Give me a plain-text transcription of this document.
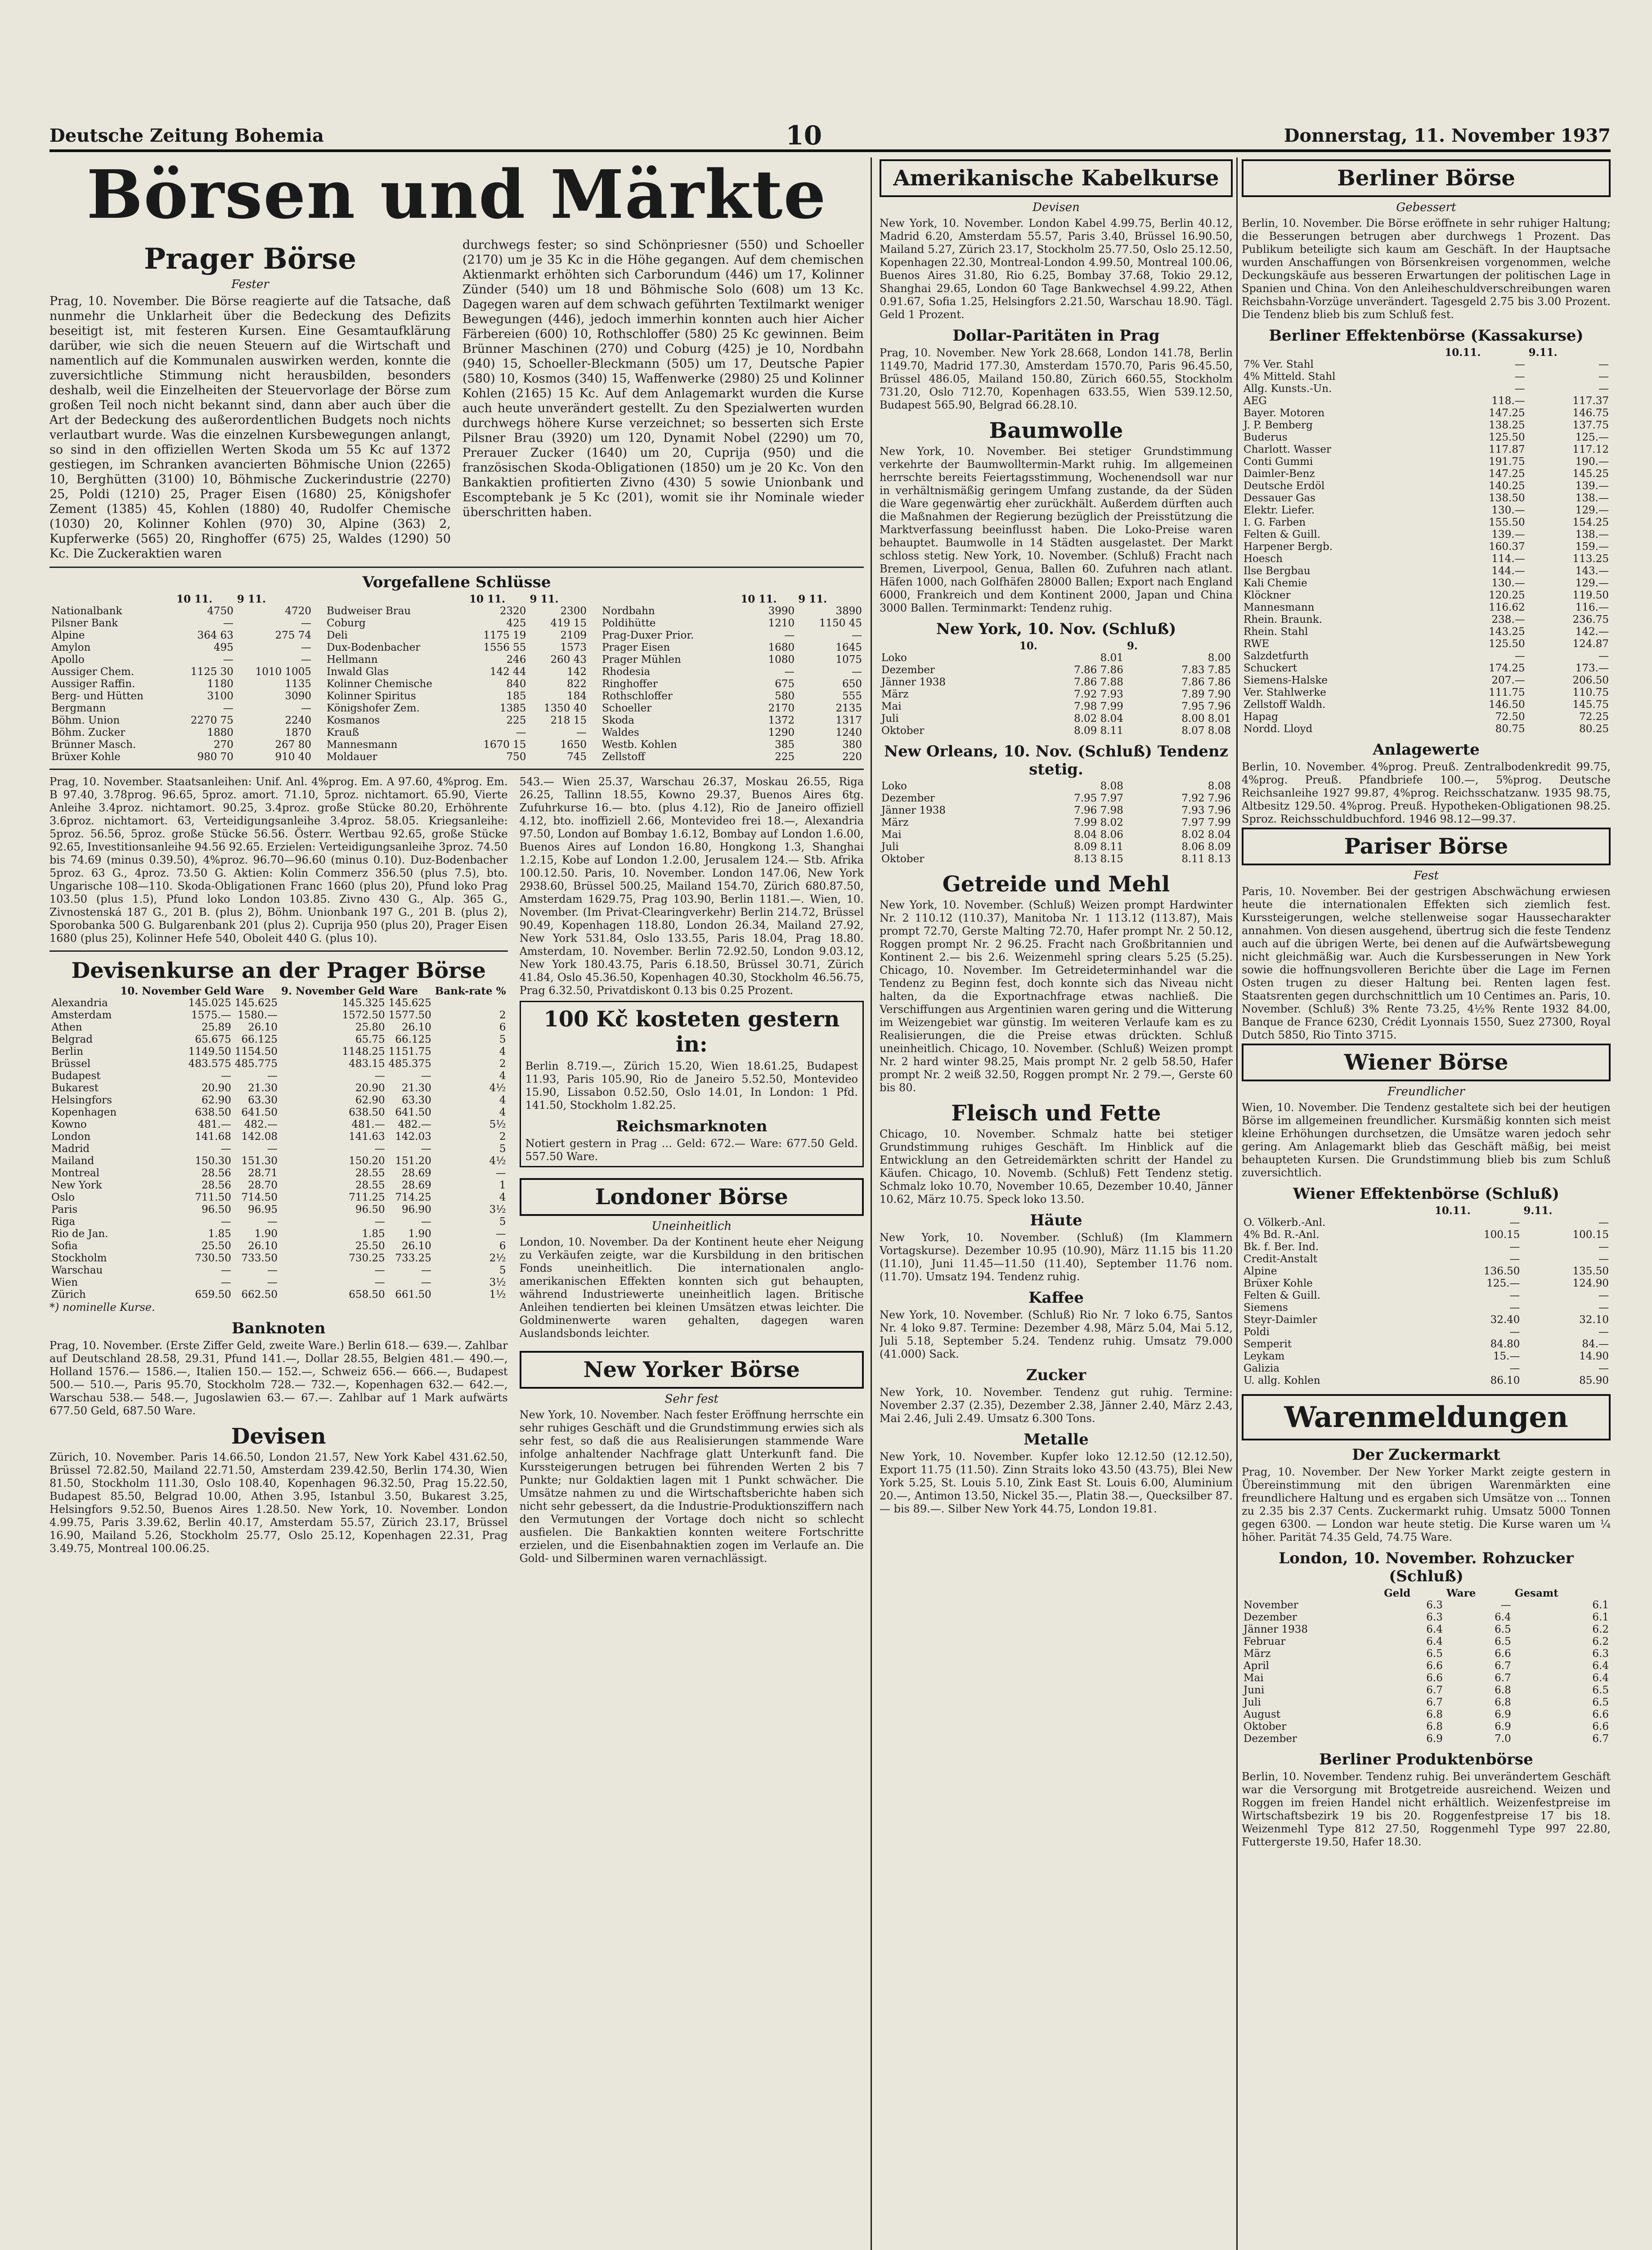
Deutsche Zeitung Bohemia	10	Donnerstag, 11. November 1937
Börsen und Märkte
Prager Börse
Fester
Prag, 10. November. Die Börse reagierte auf die Tatsache, daß nunmehr die Unklarheit über die Bedeckung des Defizits beseitigt ist, mit festeren Kursen. Eine Gesamtaufklärung darüber, wie sich die neuen Steuern auf die Wirtschaft und namentlich auf die Kommunalen auswirken werden, konnte die zuversichtliche Stimmung nicht herausbilden, besonders deshalb, weil die Einzelheiten der Steuervorlage der Börse zum großen Teil noch nicht bekannt sind, dann aber auch über die Art der Bedeckung des außerordentlichen Budgets noch nichts verlautbart wurde. Was die einzelnen Kursbewegungen anlangt, so sind in den offiziellen Werten Skoda um 55 Kc auf 1372 gestiegen, im Schranken avancierten Böhmische Union (2265) 10, Berghütten (3100) 10, Böhmische Zuckerindustrie (2270) 25, Poldi (1210) 25, Prager Eisen (1680) 25, Königshofer Zement (1385) 45, Kohlen (1880) 40, Rudolfer Chemische (1030) 20, Kolinner Kohlen (970) 30, Alpine (363) 2, Kupferwerke (565) 20, Ringhoffer (675) 25, Waldes (1290) 50 Kc. Die Zuckeraktien waren
durchwegs fester; so sind Schönpriesner (550) und Schoeller (2170) um je 35 Kc in die Höhe gegangen. Auf dem chemischen Aktienmarkt erhöhten sich Carborundum (446) um 17, Kolinner Zünder (540) um 18 und Böhmische Solo (608) um 13 Kc. Dagegen waren auf dem schwach geführten Textilmarkt weniger Bewegungen (446), jedoch immerhin konnten auch hier Aicher Färbereien (600) 10, Rothschloffer (580) 25 Kc gewinnen. Beim Brünner Maschinen (270) und Coburg (425) je 10, Nordbahn (940) 15, Schoeller-Bleckmann (505) um 17, Deutsche Papier (580) 10, Kosmos (340) 15, Waffenwerke (2980) 25 und Kolinner Kohlen (2165) 15 Kc. Auf dem Anlagemarkt wurden die Kurse auch heute unverändert gestellt. Zu den Spezialwerten wurden durchwegs höhere Kurse verzeichnet; so besserten sich Erste Pilsner Brau (3920) um 120, Dynamit Nobel (2290) um 70, Prerauer Zucker (1640) um 20, Cuprija (950) und die französischen Skoda-Obligationen (1850) um je 20 Kc. Von den Bankaktien profitierten Zivno (430) 5 sowie Unionbank und Escomptebank je 5 Kc (201), womit sie ihr Nominale wieder überschritten haben.
Vorgefallene Schlüsse
	10 11.	9 11.
Nationalbank	4750	4720
Pilsner Bank	—	—
Alpine	364 63	275 74
Amylon	495	—
Apollo	—	—
Aussiger Chem.	1125 30	1010 1005
Aussiger Raffin.	1180	1135
Berg- und Hütten	3100	3090
Bergmann	—	—
Böhm. Union	2270 75	2240
Böhm. Zucker	1880	1870
Brünner Masch.	270	267 80
Brüxer Kohle	980 70	910 40
	10 11.	9 11.
Budweiser Brau	2320	2300
Coburg	425	419 15
Deli	1175 19	2109
Dux-Bodenbacher	1556 55	1573
Hellmann	246	260 43
Inwald Glas	142 44	142
Kolinner Chemische	840	822
Kolinner Spiritus	185	184
Königshofer Zem.	1385	1350 40
Kosmanos	225	218 15
Krauß	—	—
Mannesmann	1670 15	1650
Moldauer	750	745
	10 11.	9 11.
Nordbahn	3990	3890
Poldihütte	1210	1150 45
Prag-Duxer Prior.	—	—
Prager Eisen	1680	1645
Prager Mühlen	1080	1075
Rhodesia	—	—
Ringhoffer	675	650
Rothschloffer	580	555
Schoeller	2170	2135
Skoda	1372	1317
Waldes	1290	1240
Westb. Kohlen	385	380
Zellstoff	225	220
Prag, 10. November. Staatsanleihen: Unif. Anl. 4%prog. Em. A 97.60, 4%prog. Em. B 97.40, 3.78prog. 96.65, 5proz. amort. 71.10, 5proz. nichtamort. 65.90, Vierte Anleihe 3.4proz. nichtamort. 90.25, 3.4proz. große Stücke 80.20, Erhöhrente 3.6proz. nichtamort. 63, Verteidigungsanleihe 3.4proz. 58.05. Kriegsanleihe: 5proz. 56.56, 5proz. große Stücke 56.56. Österr. Wertbau 92.65, große Stücke 92.65, Investitionsanleihe 94.56 92.65. Erzielen: Verteidigungsanleihe 3proz. 74.50 bis 74.69 (minus 0.39.50), 4%proz. 96.70—96.60 (minus 0.10). Duz-Bodenbacher 5proz. 63 G., 4proz. 73.50 G. Aktien: Kolin Commerz 356.50 (plus 7.5), bto. Ungarische 108—110. Skoda-Obligationen Franc 1660 (plus 20), Pfund loko Prag 103.50 (plus 1.5), Pfund loko London 103.85. Zivno 430 G., Alp. 365 G., Zivnostenská 187 G., 201 B. (plus 2), Böhm. Unionbank 197 G., 201 B. (plus 2), Sporobanka 500 G. Bulgarenbank 201 (plus 2). Cuprija 950 (plus 20), Prager Eisen 1680 (plus 25), Kolinner Hefe 540, Oboleit 440 G. (plus 10).
Devisenkurse an der Prager Börse
	10. November Geld	Ware	9. November Geld	Ware	Bank-rate %
Alexandria	145.025	145.625	145.325	145.625	
Amsterdam	1575.—	1580.—	1572.50	1577.50	2
Athen	25.89	26.10	25.80	26.10	6
Belgrad	65.675	66.125	65.75	66.125	5
Berlin	1149.50	1154.50	1148.25	1151.75	4
Brüssel	483.575	485.775	483.15	485.375	2
Budapest	—	—	—	—	4
Bukarest	20.90	21.30	20.90	21.30	4½
Helsingfors	62.90	63.30	62.90	63.30	4
Kopenhagen	638.50	641.50	638.50	641.50	4
Kowno	481.—	482.—	481.—	482.—	5½
London	141.68	142.08	141.63	142.03	2
Madrid	—	—	—	—	5
Mailand	150.30	151.30	150.20	151.20	4½
Montreal	28.56	28.71	28.55	28.69	—
New York	28.56	28.70	28.55	28.69	1
Oslo	711.50	714.50	711.25	714.25	4
Paris	96.50	96.95	96.50	96.90	3½
Riga	—	—	—	—	5
Rio de Jan.	1.85	1.90	1.85	1.90	—
Sofia	25.50	26.10	25.50	26.10	6
Stockholm	730.50	733.50	730.25	733.25	2½
Warschau	—	—	—	—	5
Wien	—	—	—	—	3½
Zürich	659.50	662.50	658.50	661.50	1½
*) nominelle Kurse.
Banknoten
Prag, 10. November. (Erste Ziffer Geld, zweite Ware.) Berlin 618.— 639.—. Zahlbar auf Deutschland 28.58, 29.31, Pfund 141.—, Dollar 28.55, Belgien 481.— 490.—, Holland 1576.— 1586.—, Italien 150.— 152.—, Schweiz 656.— 666.—, Budapest 500.— 510.—, Paris 95.70, Stockholm 728.— 732.—, Kopenhagen 632.— 642.—, Warschau 538.— 548.—, Jugoslawien 63.— 67.—. Zahlbar auf 1 Mark aufwärts 677.50 Geld, 687.50 Ware.
Devisen
Zürich, 10. November. Paris 14.66.50, London 21.57, New York Kabel 431.62.50, Brüssel 72.82.50, Mailand 22.71.50, Amsterdam 239.42.50, Berlin 174.30, Wien 81.50, Stockholm 111.30, Oslo 108.40, Kopenhagen 96.32.50, Prag 15.22.50, Budapest 85.50, Belgrad 10.00, Athen 3.95, Istanbul 3.50, Bukarest 3.25, Helsingfors 9.52.50, Buenos Aires 1.28.50. New York, 10. November. London 4.99.75, Paris 3.39.62, Berlin 40.17, Amsterdam 55.57, Zürich 23.17, Brüssel 16.90, Mailand 5.26, Stockholm 25.77, Oslo 25.12, Kopenhagen 22.31, Prag 3.49.75, Montreal 100.06.25.
543.— Wien 25.37, Warschau 26.37, Moskau 26.55, Riga 26.25, Tallinn 18.55, Kowno 29.37, Buenos Aires 6tg. Zufuhrkurse 16.— bto. (plus 4.12), Rio de Janeiro offiziell 4.12, bto. inoffiziell 2.66, Montevideo frei 18.—, Alexandria 97.50, London auf Bombay 1.6.12, Bombay auf London 1.6.00, Buenos Aires auf London 16.80, Hongkong 1.3, Shanghai 1.2.15, Kobe auf London 1.2.00, Jerusalem 124.— Stb. Afrika 100.12.50. Paris, 10. November. London 147.06, New York 2938.60, Brüssel 500.25, Mailand 154.70, Zürich 680.87.50, Amsterdam 1629.75, Prag 103.90, Berlin 1181.—. Wien, 10. November. (Im Privat-Clearingverkehr) Berlin 214.72, Brüssel 90.49, Kopenhagen 118.80, London 26.34, Mailand 27.92, New York 531.84, Oslo 133.55, Paris 18.04, Prag 18.80. Amsterdam, 10. November. Berlin 72.92.50, London 9.03.12, New York 180.43.75, Paris 6.18.50, Brüssel 30.71, Zürich 41.84, Oslo 45.36.50, Kopenhagen 40.30, Stockholm 46.56.75, Prag 6.32.50, Privatdiskont 0.13 bis 0.25 Prozent.
100 Kč kosteten gestern in:
Berlin 8.719.—, Zürich 15.20, Wien 18.61.25, Budapest 11.93, Paris 105.90, Rio de Janeiro 5.52.50, Montevideo 15.90, Lissabon 0.52.50, Oslo 14.01, In London: 1 Pfd. 141.50, Stockholm 1.82.25.
Reichsmarknoten
Notiert gestern in Prag ... Geld: 672.— Ware: 677.50 Geld. 557.50 Ware.
Londoner Börse
Uneinheitlich
London, 10. November. Da der Kontinent heute eher Neigung zu Verkäufen zeigte, war die Kursbildung in den britischen Fonds uneinheitlich. Die internationalen anglo-amerikanischen Effekten konnten sich gut behaupten, während Industriewerte uneinheitlich lagen. Britische Anleihen tendierten bei kleinen Umsätzen etwas leichter. Die Goldminenwerte waren gehalten, dagegen waren Auslandsbonds leichter.
New Yorker Börse
Sehr fest
New York, 10. November. Nach fester Eröffnung herrschte ein sehr ruhiges Geschäft und die Grundstimmung erwies sich als sehr fest, so daß die aus Realisierungen stammende Ware infolge anhaltender Nachfrage glatt Unterkunft fand. Die Kurssteigerungen betrugen bei führenden Werten 2 bis 7 Punkte; nur Goldaktien lagen mit 1 Punkt schwächer. Die Umsätze nahmen zu und die Wirtschaftsberichte haben sich nicht sehr gebessert, da die Industrie-Produktionsziffern nach den Vermutungen der Vortage doch nicht so schlecht ausfielen. Die Bankaktien konnten weitere Fortschritte erzielen, und die Eisenbahnaktien zogen im Verlaufe an. Die Gold- und Silberminen waren vernachlässigt.
Amerikanische Kabelkurse
Devisen
New York, 10. November. London Kabel 4.99.75, Berlin 40.12, Madrid 6.20, Amsterdam 55.57, Paris 3.40, Brüssel 16.90.50, Mailand 5.27, Zürich 23.17, Stockholm 25.77.50, Oslo 25.12.50, Kopenhagen 22.30, Montreal-London 4.99.50, Montreal 100.06, Buenos Aires 31.80, Rio 6.25, Bombay 37.68, Tokio 29.12, Shanghai 29.65, London 60 Tage Bankwechsel 4.99.22, Athen 0.91.67, Sofia 1.25, Helsingfors 2.21.50, Warschau 18.90. Tägl. Geld 1 Prozent.
Dollar-Paritäten in Prag
Prag, 10. November. New York 28.668, London 141.78, Berlin 1149.70, Madrid 177.30, Amsterdam 1570.70, Paris 96.45.50, Brüssel 486.05, Mailand 150.80, Zürich 660.55, Stockholm 731.20, Oslo 712.70, Kopenhagen 633.55, Wien 539.12.50, Budapest 565.90, Belgrad 66.28.10.
Baumwolle
New York, 10. November. Bei stetiger Grundstimmung verkehrte der Baumwolltermin-Markt ruhig. Im allgemeinen herrschte bereits Feiertagsstimmung, Wochenendsoll war nur in verhältnismäßig geringem Umfang zustande, da der Süden die Ware gegenwärtig eher zurückhält. Außerdem dürften auch die Maßnahmen der Regierung bezüglich der Preisstützung die Marktverfassung beeinflusst haben. Die Loko-Preise waren behauptet. Baumwolle in 14 Städten ausgelastet. Der Markt schloss stetig. New York, 10. November. (Schluß) Fracht nach Bremen, Liverpool, Genua, Ballen 60. Zufuhren nach atlant. Häfen 1000, nach Golfhäfen 28000 Ballen; Export nach England 6000, Frankreich und dem Kontinent 2000, Japan und China 3000 Ballen. Terminmarkt: Tendenz ruhig.
New York, 10. Nov. (Schluß)
	10.	9.
Loko	8.01	8.00
Dezember	7.86 7.86	7.83 7.85
Jänner 1938	7.86 7.88	7.86 7.86
März	7.92 7.93	7.89 7.90
Mai	7.98 7.99	7.95 7.96
Juli	8.02 8.04	8.00 8.01
Oktober	8.09 8.11	8.07 8.08
New Orleans, 10. Nov. (Schluß) Tendenz stetig.
Loko	8.08	8.08
Dezember	7.95 7.97	7.92 7.96
Jänner 1938	7.96 7.98	7.93 7.96
März	7.99 8.02	7.97 7.99
Mai	8.04 8.06	8.02 8.04
Juli	8.09 8.11	8.06 8.09
Oktober	8.13 8.15	8.11 8.13
Getreide und Mehl
New York, 10. November. (Schluß) Weizen prompt Hardwinter Nr. 2 110.12 (110.37), Manitoba Nr. 1 113.12 (113.87), Mais prompt 72.70, Gerste Malting 72.70, Hafer prompt Nr. 2 50.12, Roggen prompt Nr. 2 96.25. Fracht nach Großbritannien und Kontinent 2.— bis 2.6. Weizenmehl spring clears 5.25 (5.25). Chicago, 10. November. Im Getreideterminhandel war die Tendenz zu Beginn fest, doch konnte sich das Niveau nicht halten, da die Exportnachfrage etwas nachließ. Die Verschiffungen aus Argentinien waren gering und die Witterung im Weizengebiet war günstig. Im weiteren Verlaufe kam es zu Realisierungen, die die Preise etwas drückten. Schluß uneinheitlich. Chicago, 10. November. (Schluß) Weizen prompt Nr. 2 hard winter 98.25, Mais prompt Nr. 2 gelb 58.50, Hafer prompt Nr. 2 weiß 32.50, Roggen prompt Nr. 2 79.—, Gerste 60 bis 80.
Fleisch und Fette
Chicago, 10. November. Schmalz hatte bei stetiger Grundstimmung ruhiges Geschäft. Im Hinblick auf die Entwicklung an den Getreidemärkten schritt der Handel zu Käufen. Chicago, 10. Novemb. (Schluß) Fett Tendenz stetig. Schmalz loko 10.70, November 10.65, Dezember 10.40, Jänner 10.62, März 10.75. Speck loko 13.50.
Häute
New York, 10. November. (Schluß) (Im Klammern Vortagskurse). Dezember 10.95 (10.90), März 11.15 bis 11.20 (11.10), Juni 11.45—11.50 (11.40), September 11.76 nom. (11.70). Umsatz 194. Tendenz ruhig.
Kaffee
New York, 10. November. (Schluß) Rio Nr. 7 loko 6.75, Santos Nr. 4 loko 9.87. Termine: Dezember 4.98, März 5.04, Mai 5.12, Juli 5.18, September 5.24. Tendenz ruhig. Umsatz 79.000 (41.000) Sack.
Zucker
New York, 10. November. Tendenz gut ruhig. Termine: November 2.37 (2.35), Dezember 2.38, Jänner 2.40, März 2.43, Mai 2.46, Juli 2.49. Umsatz 6.300 Tons.
Metalle
New York, 10. November. Kupfer loko 12.12.50 (12.12.50), Export 11.75 (11.50). Zinn Straits loko 43.50 (43.75), Blei New York 5.25, St. Louis 5.10, Zink East St. Louis 6.00, Aluminium 20.—, Antimon 13.50, Nickel 35.—, Platin 38.—, Quecksilber 87.— bis 89.—. Silber New York 44.75, London 19.81.
Berliner Börse
Gebessert
Berlin, 10. November. Die Börse eröffnete in sehr ruhiger Haltung; die Besserungen betrugen aber durchwegs 1 Prozent. Das Publikum beteiligte sich kaum am Geschäft. In der Hauptsache wurden Anschaffungen von Börsenkreisen vorgenommen, welche Deckungskäufe aus besseren Erwartungen der politischen Lage in Spanien und China. Von den Anleiheschuldverschreibungen waren Reichsbahn-Vorzüge unverändert. Tagesgeld 2.75 bis 3.00 Prozent. Die Tendenz blieb bis zum Schluß fest.
Berliner Effektenbörse (Kassakurse)
	10.11.	9.11.
7% Ver. Stahl	—	—
4% Mitteld. Stahl	—	—
Allg. Kunsts.-Un.	—	—
AEG	118.—	117.37
Bayer. Motoren	147.25	146.75
J. P. Bemberg	138.25	137.75
Buderus	125.50	125.—
Charlott. Wasser	117.87	117.12
Conti Gummi	191.75	190.—
Daimler-Benz	147.25	145.25
Deutsche Erdöl	140.25	139.—
Dessauer Gas	138.50	138.—
Elektr. Liefer.	130.—	129.—
I. G. Farben	155.50	154.25
Felten & Guill.	139.—	138.—
Harpener Bergb.	160.37	159.—
Hoesch	114.—	113.25
Ilse Bergbau	144.—	143.—
Kali Chemie	130.—	129.—
Klöckner	120.25	119.50
Mannesmann	116.62	116.—
Rhein. Braunk.	238.—	236.75
Rhein. Stahl	143.25	142.—
RWE	125.50	124.87
Salzdetfurth	—	—
Schuckert	174.25	173.—
Siemens-Halske	207.—	206.50
Ver. Stahlwerke	111.75	110.75
Zellstoff Waldh.	146.50	145.75
Hapag	72.50	72.25
Nordd. Lloyd	80.75	80.25
Anlagewerte
Berlin, 10. November. 4%prog. Preuß. Zentralbodenkredit 99.75, 4%prog. Preuß. Pfandbriefe 100.—, 5%prog. Deutsche Reichsanleihe 1927 99.87, 4%prog. Reichsschatzanw. 1935 98.75, Altbesitz 129.50. 4%prog. Preuß. Hypotheken-Obligationen 98.25. Sproz. Reichsschuldbuchford. 1946 98.12—99.37.
Pariser Börse
Fest
Paris, 10. November. Bei der gestrigen Abschwächung erwiesen heute die internationalen Effekten sich ziemlich fest. Kurssteigerungen, welche stellenweise sogar Haussecharakter annahmen. Von diesen ausgehend, übertrug sich die feste Tendenz auch auf die übrigen Werte, bei denen auf die Aufwärtsbewegung nicht gleichmäßig war. Auch die Kursbesserungen in New York sowie die hoffnungsvolleren Berichte über die Lage im Fernen Osten trugen zu dieser Haltung bei. Renten lagen fest. Staatsrenten gegen durchschnittlich um 10 Centimes an. Paris, 10. November. (Schluß) 3% Rente 73.25, 4½% Rente 1932 84.00, Banque de France 6230, Crédit Lyonnais 1550, Suez 27300, Royal Dutch 5850, Rio Tinto 3715.
Wiener Börse
Freundlicher
Wien, 10. November. Die Tendenz gestaltete sich bei der heutigen Börse im allgemeinen freundlicher. Kursmäßig konnten sich meist kleine Erhöhungen durchsetzen, die Umsätze waren jedoch sehr gering. Am Anlagemarkt blieb das Geschäft mäßig, bei meist behaupteten Kursen. Die Grundstimmung blieb bis zum Schluß zuversichtlich.
Wiener Effektenbörse (Schluß)
	10.11.	9.11.
O. Völkerb.-Anl.	—	—
4% Bd. R.-Anl.	100.15	100.15
Bk. f. Ber. Ind.	—	—
Credit-Anstalt	—	—
Alpine	136.50	135.50
Brüxer Kohle	125.—	124.90
Felten & Guill.	—	—
Siemens	—	—
Steyr-Daimler	32.40	32.10
Poldi	—	—
Semperit	84.80	84.—
Leykam	15.—	14.90
Galizia	—	—
U. allg. Kohlen	86.10	85.90
Warenmeldungen
Der Zuckermarkt
Prag, 10. November. Der New Yorker Markt zeigte gestern in Übereinstimmung mit den übrigen Warenmärkten eine freundlichere Haltung und es ergaben sich Umsätze von ... Tonnen zu 2.35 bis 2.37 Cents. Zuckermarkt ruhig. Umsatz 5000 Tonnen gegen 6300. — London war heute stetig. Die Kurse waren um ¼ höher. Parität 74.35 Geld, 74.75 Ware.
London, 10. November. Rohzucker (Schluß)
	Geld	Ware	Gesamt
November	6.3	—	6.1
Dezember	6.3	6.4	6.1
Jänner 1938	6.4	6.5	6.2
Februar	6.4	6.5	6.2
März	6.5	6.6	6.3
April	6.6	6.7	6.4
Mai	6.6	6.7	6.4
Juni	6.7	6.8	6.5
Juli	6.7	6.8	6.5
August	6.8	6.9	6.6
Oktober	6.8	6.9	6.6
Dezember	6.9	7.0	6.7
Berliner Produktenbörse
Berlin, 10. November. Tendenz ruhig. Bei unverändertem Geschäft war die Versorgung mit Brotgetreide ausreichend. Weizen und Roggen im freien Handel nicht erhältlich. Weizenfestpreise im Wirtschaftsbezirk 19 bis 20. Roggenfestpreise 17 bis 18. Weizenmehl Type 812 27.50, Roggenmehl Type 997 22.80, Futtergerste 19.50, Hafer 18.30.
